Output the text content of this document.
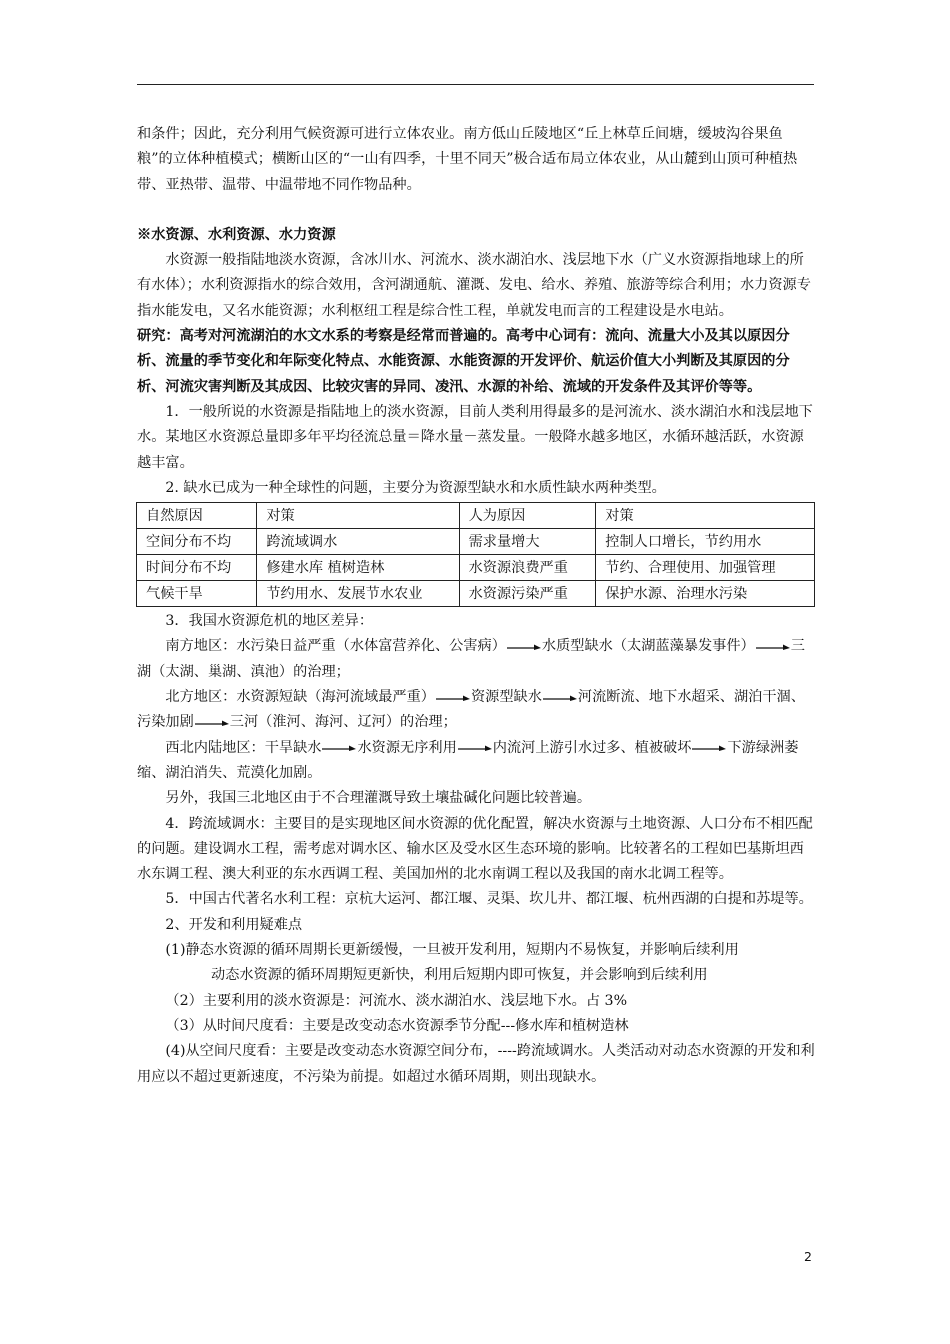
和条件；因此，充分利用气候资源可进行立体农业。南方低山丘陵地区“丘上林草丘间塘，缓坡沟谷果鱼粮”的立体种植模式；横断山区的“一山有四季，十里不同天”极合适布局立体农业，从山麓到山顶可种植热带、亚热带、温带、中温带地不同作物品种。

※水资源、水利资源、水力资源

水资源一般指陆地淡水资源，含冰川水、河流水、淡水湖泊水、浅层地下水（广义水资源指地球上的所有水体）；水利资源指水的综合效用，含河湖通航、灌溉、发电、给水、养殖、旅游等综合利用；水力资源专指水能发电，又名水能资源；水利枢纽工程是综合性工程，单就发电而言的工程建设是水电站。

研究：高考对河流湖泊的水文水系的考察是经常而普遍的。高考中心词有：流向、流量大小及其以原因分析、流量的季节变化和年际变化特点、水能资源、水能资源的开发评价、航运价值大小判断及其原因的分析、河流灾害判断及其成因、比较灾害的异同、凌汛、水源的补给、流域的开发条件及其评价等等。

1．一般所说的水资源是指陆地上的淡水资源，目前人类利用得最多的是河流水、淡水湖泊水和浅层地下水。某地区水资源总量即多年平均径流总量＝降水量－蒸发量。一般降水越多地区，水循环越活跃，水资源越丰富。

2. 缺水已成为一种全球性的问题，主要分为资源型缺水和水质性缺水两种类型。

自然原因	对策	人为原因	对策
空间分布不均	跨流域调水	需求量增大	控制人口增长，节约用水
时间分布不均	修建水库 植树造林	水资源浪费严重	节约、合理使用、加强管理
气候干旱	节约用水、发展节水农业	水资源污染严重	保护水源、治理水污染

3．我国水资源危机的地区差异：

南方地区：水污染日益严重（水体富营养化、公害病）	水质型缺水（太湖蓝藻暴发事件）	三湖（太湖、巢湖、滇池）的治理；

北方地区：水资源短缺（海河流域最严重）	资源型缺水	河流断流、地下水超采、湖泊干涸、污染加剧	三河（淮河、海河、辽河）的治理；

西北内陆地区：干旱缺水	水资源无序利用	内流河上游引水过多、植被破坏	下游绿洲萎缩、湖泊消失、荒漠化加剧。

另外，我国三北地区由于不合理灌溉导致土壤盐碱化问题比较普遍。

4．跨流域调水：主要目的是实现地区间水资源的优化配置，解决水资源与土地资源、人口分布不相匹配的问题。建设调水工程，需考虑对调水区、输水区及受水区生态环境的影响。比较著名的工程如巴基斯坦西水东调工程、澳大利亚的东水西调工程、美国加州的北水南调工程以及我国的南水北调工程等。

5．中国古代著名水利工程：京杭大运河、都江堰、灵渠、坎儿井、都江堰、杭州西湖的白提和苏堤等。

2、开发和利用疑难点

(1)静态水资源的循环周期长更新缓慢，一旦被开发利用，短期内不易恢复，并影响后续利用

动态水资源的循环周期短更新快，利用后短期内即可恢复，并会影响到后续利用

（2）主要利用的淡水资源是：河流水、淡水湖泊水、浅层地下水。占 3%

（3）从时间尺度看：主要是改变动态水资源季节分配---修水库和植树造林

(4)从空间尺度看：主要是改变动态水资源空间分布，----跨流域调水。人类活动对动态水资源的开发和利用应以不超过更新速度，不污染为前提。如超过水循环周期，则出现缺水。

2
